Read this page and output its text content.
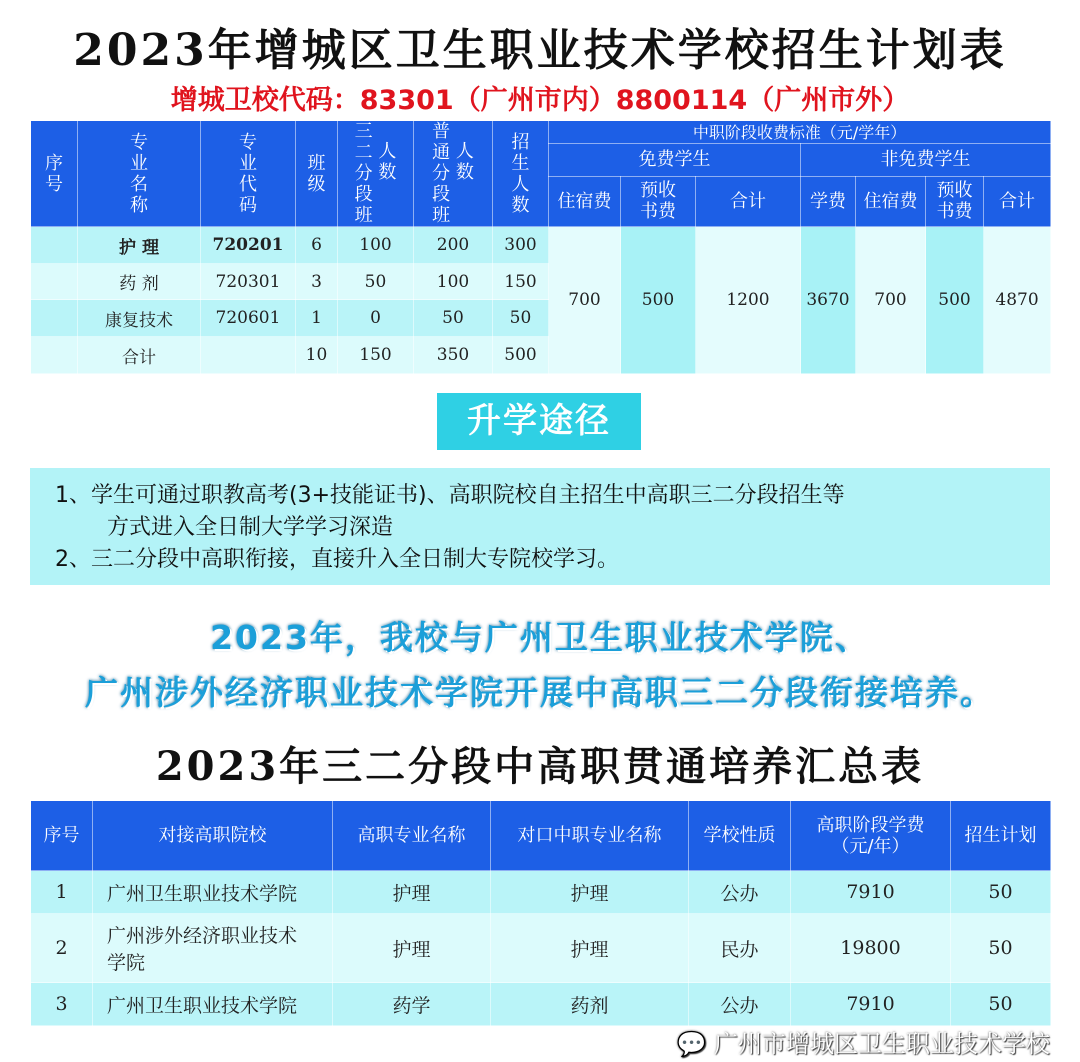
2023年增城区卫生职业技术学校招生计划表
增城卫校代码：83301（广州市内）8800114（广州市外）
序号	专业名称	专业代码	班级	三二分段班 人数	普通分段班 人数	招生人数	中职阶段收费标准（元/学年）						
							免费学生			非免费学生			
							住宿费	预收书费	合计	学费	住宿费	预收书费	合计
	护 理	720201	6	100	200	300	700	500	1200	3670	700	500	4870
	药 剂	720301	3	50	100	150							
	康复技术	720601	1	0	50	50							
	合计		10	150	350	500							
升学途径
1、学生可通过职教高考(3+技能证书)、高职院校自主招生中高职三二分段招生等
方式进入全日制大学学习深造
2、三二分段中高职衔接，直接升入全日制大专院校学习。
2023年，我校与广州卫生职业技术学院、
广州涉外经济职业技术学院开展中高职三二分段衔接培养。
2023年三二分段中高职贯通培养汇总表
序号	对接高职院校	高职专业名称	对口中职专业名称	学校性质	高职阶段学费（元/年）	招生计划
1	广州卫生职业技术学院	护理	护理	公办	7910	50
2	广州涉外经济职业技术学院	护理	护理	民办	19800	50
3	广州卫生职业技术学院	药学	药剂	公办	7910	50
💬 广州市增城区卫生职业技术学校
